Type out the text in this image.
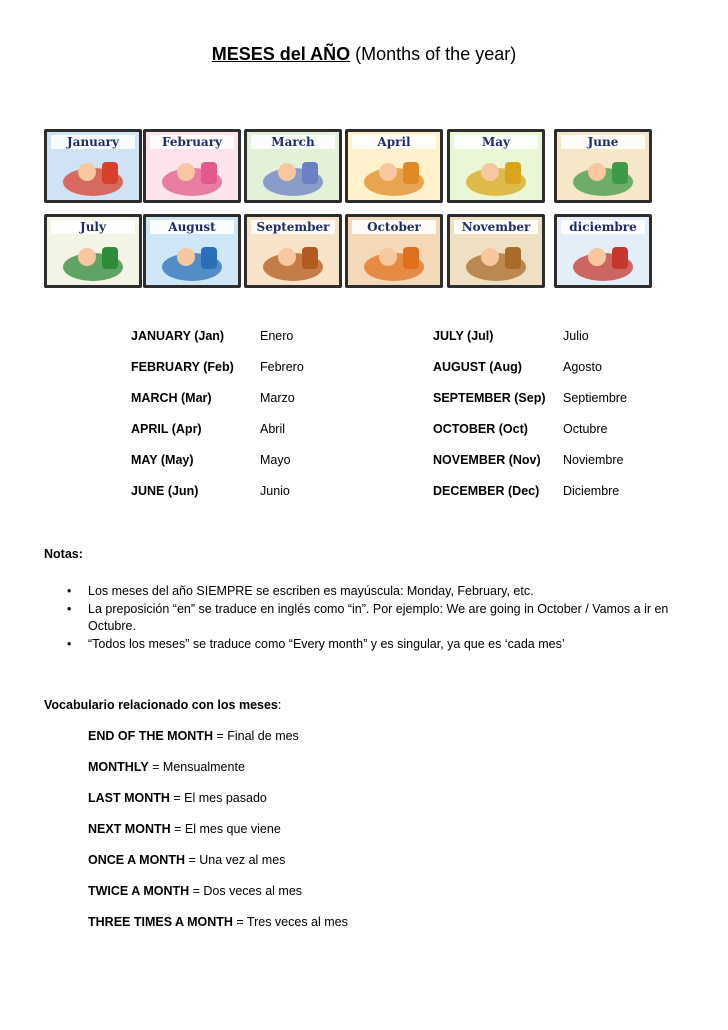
MESES del AÑO (Months of the year)
January	February	March	April	May	June
July	August	September	October	November	diciembre
JANUARY (Jan)	Enero
FEBRUARY (Feb) Febrero
MARCH (Mar)	Marzo
APRIL (Apr)	Abril
MAY (May)	Mayo
JUNE (Jun)	Junio
JULY (Jul)	Julio
AUGUST (Aug)	Agosto
SEPTEMBER (Sep) Septiembre
OCTOBER (Oct)	Octubre
NOVEMBER (Nov) Noviembre
DECEMBER (Dec) Diciembre
Notas:
• Los meses del año SIEMPRE se escriben es mayúscula: Monday, February, etc.
• La preposición “en” se traduce en inglés como “in”. Por ejemplo: We are going in October / Vamos a ir en Octubre.
• “Todos los meses” se traduce como “Every month” y es singular, ya que es ‘cada mes’
Vocabulario relacionado con los meses:
END OF THE MONTH = Final de mes
MONTHLY = Mensualmente
LAST MONTH = El mes pasado
NEXT MONTH = El mes que viene
ONCE A MONTH = Una vez al mes
TWICE A MONTH = Dos veces al mes
THREE TIMES A MONTH = Tres veces al mes
